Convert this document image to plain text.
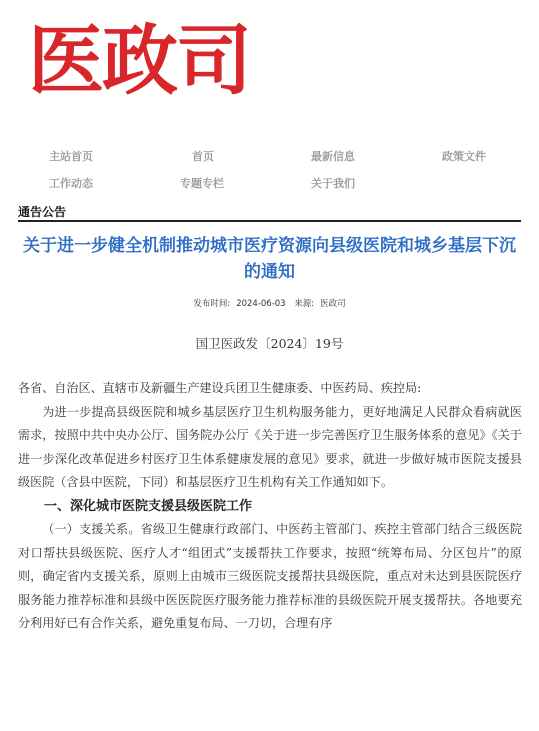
医政司
主站首页	首页	最新信息	政策文件
工作动态	专题专栏	关于我们
通告公告
关于进一步健全机制推动城市医疗资源向县级医院和城乡基层下沉的通知
发布时间: 2024-06-03 来源: 医政司
国卫医政发〔2024〕19号

各省、自治区、直辖市及新疆生产建设兵团卫生健康委、中医药局、疾控局:

为进一步提高县级医院和城乡基层医疗卫生机构服务能力，更好地满足人民群众看病就医需求，按照中共中央办公厅、国务院办公厅《关于进一步完善医疗卫生服务体系的意见》《关于进一步深化改革促进乡村医疗卫生体系健康发展的意见》要求，就进一步做好城市医院支援县级医院（含县中医院，下同）和基层医疗卫生机构有关工作通知如下。

一、深化城市医院支援县级医院工作

（一）支援关系。省级卫生健康行政部门、中医药主管部门、疾控主管部门结合三级医院对口帮扶县级医院、医疗人才“组团式”支援帮扶工作要求，按照“统筹布局、分区包片”的原则，确定省内支援关系，原则上由城市三级医院支援帮扶县级医院，重点对未达到县医院医疗服务能力推荐标准和县级中医医院医疗服务能力推荐标准的县级医院开展支援帮扶。各地要充分利用好已有合作关系，避免重复布局、一刀切，合理有序
